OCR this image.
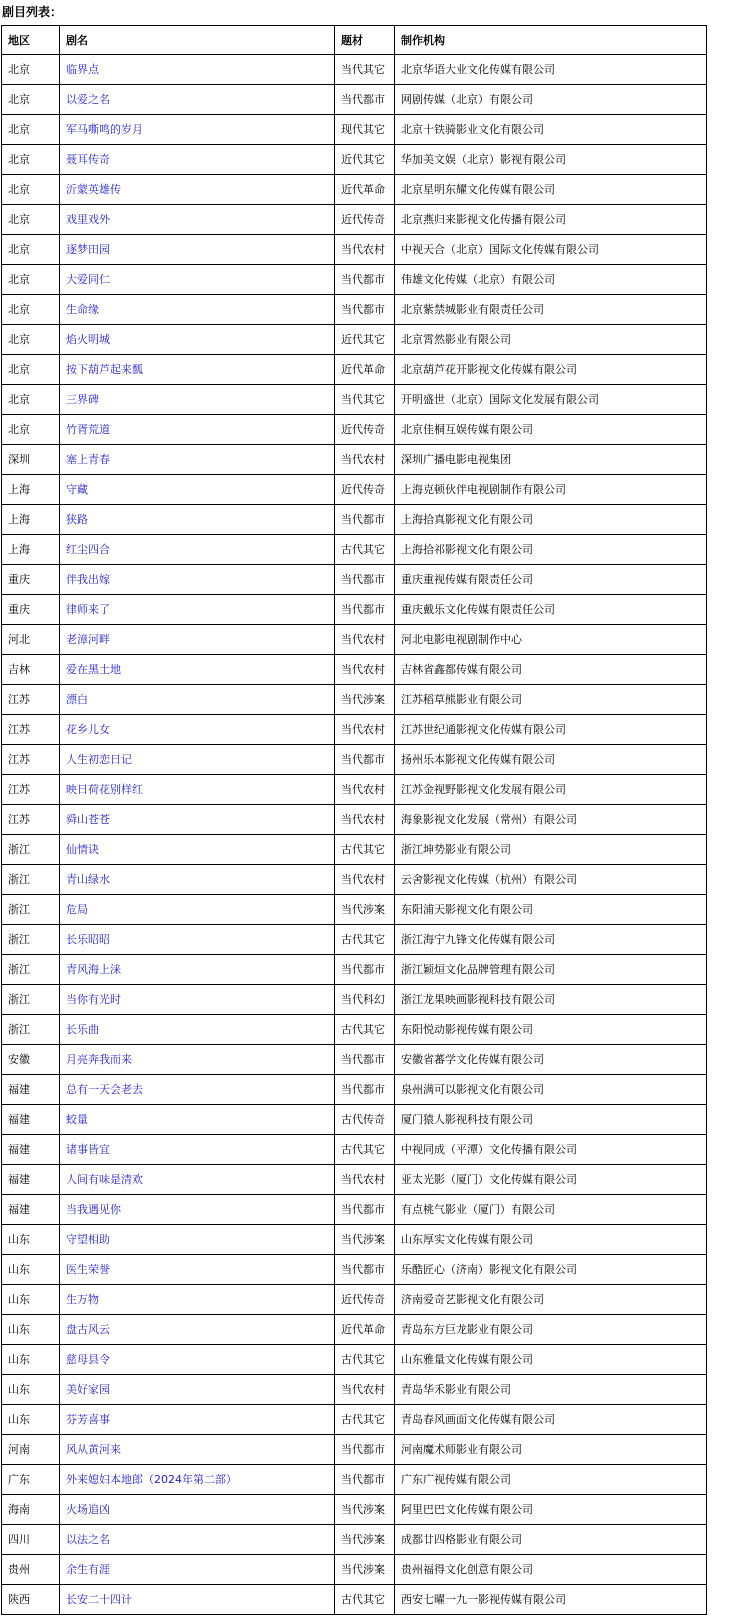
剧目列表：
地区	剧名	题材	制作机构
北京	临界点	当代其它	北京华语大业文化传媒有限公司
北京	以爱之名	当代都市	网剧传媒（北京）有限公司
北京	军马嘶鸣的岁月	现代其它	北京十铁骑影业文化有限公司
北京	聂耳传奇	近代其它	华加美文娱（北京）影视有限公司
北京	沂蒙英雄传	近代革命	北京星明东耀文化传媒有限公司
北京	戏里戏外	近代传奇	北京燕归来影视文化传播有限公司
北京	逐梦田园	当代农村	中视天合（北京）国际文化传媒有限公司
北京	大爱同仁	当代都市	伟雄文化传媒（北京）有限公司
北京	生命缘	当代都市	北京紫禁城影业有限责任公司
北京	焰火明城	近代其它	北京霄然影业有限公司
北京	按下葫芦起来瓢	近代革命	北京葫芦花开影视文化传媒有限公司
北京	三界碑	当代其它	开明盛世（北京）国际文化发展有限公司
北京	竹胥荒道	近代传奇	北京佳桐互娱传媒有限公司
深圳	塞上青春	当代农村	深圳广播电影电视集团
上海	守藏	近代传奇	上海克顿伙伴电视剧制作有限公司
上海	狭路	当代都市	上海拾真影视文化有限公司
上海	红尘四合	古代其它	上海拾祁影视文化有限公司
重庆	伴我出嫁	当代都市	重庆重视传媒有限责任公司
重庆	律师来了	当代都市	重庆戴乐文化传媒有限责任公司
河北	老漳河畔	当代农村	河北电影电视剧制作中心
吉林	爱在黑土地	当代农村	吉林省鑫都传媒有限公司
江苏	漂白	当代涉案	江苏稻草熊影业有限公司
江苏	花乡儿女	当代农村	江苏世纪通影视文化传媒有限公司
江苏	人生初恋日记	当代都市	扬州乐本影视文化传媒有限公司
江苏	映日荷花别样红	当代农村	江苏金视野影视文化发展有限公司
江苏	舜山苍苍	当代农村	海象影视文化发展（常州）有限公司
浙江	仙情诀	古代其它	浙江坤势影业有限公司
浙江	青山绿水	当代农村	云舍影视文化传媒（杭州）有限公司
浙江	危局	当代涉案	东阳浦天影视文化有限公司
浙江	长乐昭昭	古代其它	浙江海宁九锋文化传媒有限公司
浙江	青风海上涞	当代都市	浙江颖烜文化品牌管理有限公司
浙江	当你有光时	当代科幻	浙江龙果映画影视科技有限公司
浙江	长乐曲	古代其它	东阳悦动影视传媒有限公司
安徽	月亮奔我而来	当代都市	安徽省蕃学文化传媒有限公司
福建	总有一天会老去	当代都市	泉州满可以影视文化有限公司
福建	蛟量	古代传奇	厦门猿人影视科技有限公司
福建	诸事皆宜	古代其它	中视同成（平潭）文化传播有限公司
福建	人间有味是清欢	当代农村	亚太光影（厦门）文化传媒有限公司
福建	当我遇见你	当代都市	有点桃气影业（厦门）有限公司
山东	守望相助	当代涉案	山东厚实文化传媒有限公司
山东	医生荣誉	当代都市	乐酷匠心（济南）影视文化有限公司
山东	生万物	近代传奇	济南爱奇艺影视文化有限公司
山东	盘古风云	近代革命	青岛东方巨龙影业有限公司
山东	慈母县令	古代其它	山东雅量文化传媒有限公司
山东	美好家园	当代农村	青岛华禾影业有限公司
山东	芬芳喜事	古代其它	青岛春风画面文化传媒有限公司
河南	风从黄河来	当代都市	河南魔术师影业有限公司
广东	外来媳妇本地郎（2024年第二部）	当代都市	广东广视传媒有限公司
海南	火场追凶	当代涉案	阿里巴巴文化传媒有限公司
四川	以法之名	当代涉案	成都廿四格影业有限公司
贵州	余生有涯	当代涉案	贵州福得文化创意有限公司
陕西	长安二十四计	古代其它	西安七曜一九一影视传媒有限公司
